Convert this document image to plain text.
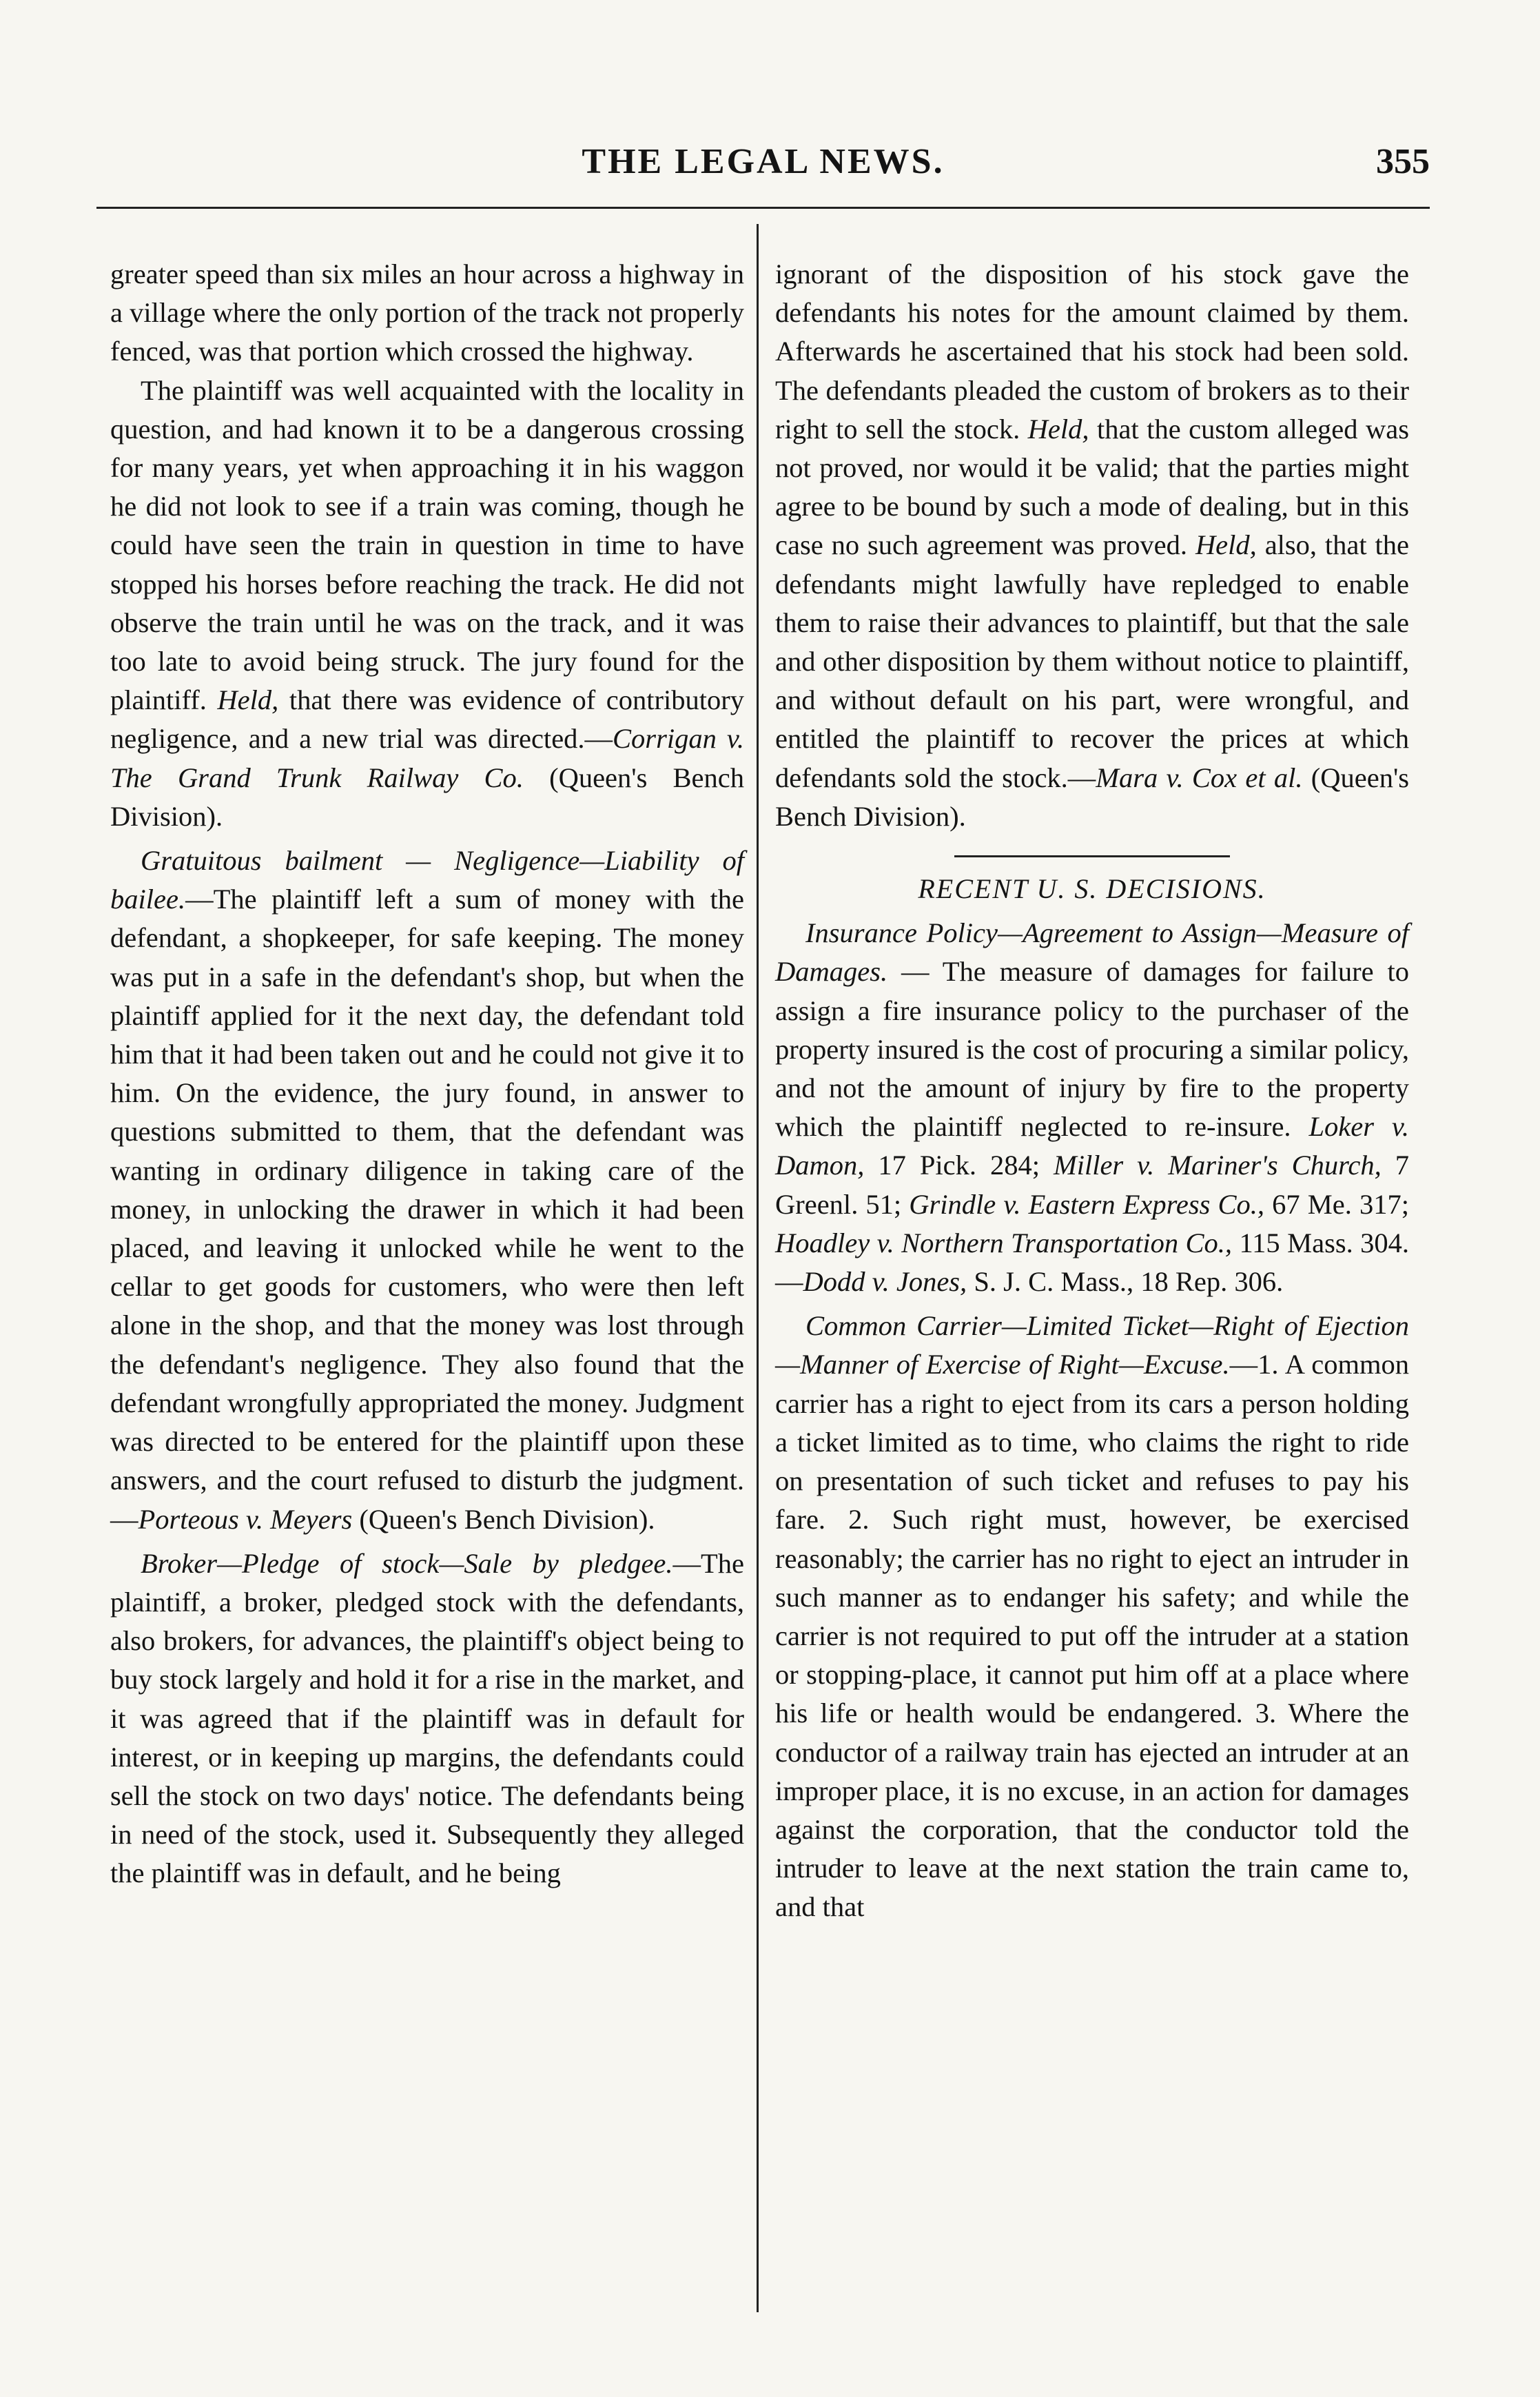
THE LEGAL NEWS.	355

greater speed than six miles an hour across a highway in a village where the only portion of the track not properly fenced, was that portion which crossed the highway.

The plaintiff was well acquainted with the locality in question, and had known it to be a dangerous crossing for many years, yet when approaching it in his waggon he did not look to see if a train was coming, though he could have seen the train in question in time to have stopped his horses before reaching the track. He did not observe the train until he was on the track, and it was too late to avoid being struck. The jury found for the plaintiff. Held, that there was evidence of contributory negligence, and a new trial was directed.—Corrigan v. The Grand Trunk Railway Co. (Queen's Bench Division).

Gratuitous bailment — Negligence—Liability of bailee.—The plaintiff left a sum of money with the defendant, a shopkeeper, for safe keeping. The money was put in a safe in the defendant's shop, but when the plaintiff applied for it the next day, the defendant told him that it had been taken out and he could not give it to him. On the evidence, the jury found, in answer to questions submitted to them, that the defendant was wanting in ordinary diligence in taking care of the money, in unlocking the drawer in which it had been placed, and leaving it unlocked while he went to the cellar to get goods for customers, who were then left alone in the shop, and that the money was lost through the defendant's negligence. They also found that the defendant wrongfully appropriated the money. Judgment was directed to be entered for the plaintiff upon these answers, and the court refused to disturb the judgment. —Porteous v. Meyers (Queen's Bench Division).

Broker—Pledge of stock—Sale by pledgee.—The plaintiff, a broker, pledged stock with the defendants, also brokers, for advances, the plaintiff's object being to buy stock largely and hold it for a rise in the market, and it was agreed that if the plaintiff was in default for interest, or in keeping up margins, the defendants could sell the stock on two days' notice. The defendants being in need of the stock, used it. Subsequently they alleged the plaintiff was in default, and he being

ignorant of the disposition of his stock gave the defendants his notes for the amount claimed by them. Afterwards he ascertained that his stock had been sold. The defendants pleaded the custom of brokers as to their right to sell the stock. Held, that the custom alleged was not proved, nor would it be valid; that the parties might agree to be bound by such a mode of dealing, but in this case no such agreement was proved. Held, also, that the defendants might lawfully have repledged to enable them to raise their advances to plaintiff, but that the sale and other disposition by them without notice to plaintiff, and without default on his part, were wrongful, and entitled the plaintiff to recover the prices at which defendants sold the stock.—Mara v. Cox et al. (Queen's Bench Division).

RECENT U. S. DECISIONS.

Insurance Policy—Agreement to Assign—Measure of Damages. — The measure of damages for failure to assign a fire insurance policy to the purchaser of the property insured is the cost of procuring a similar policy, and not the amount of injury by fire to the property which the plaintiff neglected to re-insure. Loker v. Damon, 17 Pick. 284; Miller v. Mariner's Church, 7 Greenl. 51; Grindle v. Eastern Express Co., 67 Me. 317; Hoadley v. Northern Transportation Co., 115 Mass. 304.—Dodd v. Jones, S. J. C. Mass., 18 Rep. 306.

Common Carrier—Limited Ticket—Right of Ejection—Manner of Exercise of Right—Excuse.—1. A common carrier has a right to eject from its cars a person holding a ticket limited as to time, who claims the right to ride on presentation of such ticket and refuses to pay his fare. 2. Such right must, however, be exercised reasonably; the carrier has no right to eject an intruder in such manner as to endanger his safety; and while the carrier is not required to put off the intruder at a station or stopping-place, it cannot put him off at a place where his life or health would be endangered. 3. Where the conductor of a railway train has ejected an intruder at an improper place, it is no excuse, in an action for damages against the corporation, that the conductor told the intruder to leave at the next station the train came to, and that
